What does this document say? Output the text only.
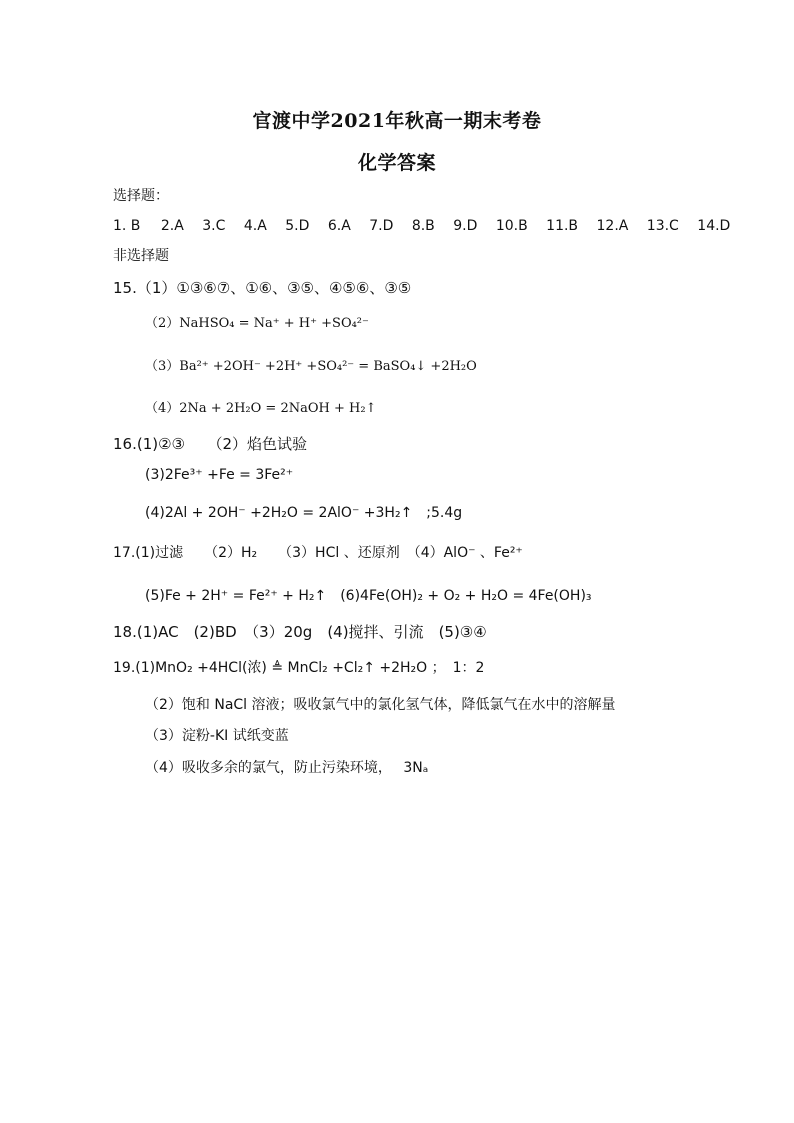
官渡中学2021年秋高一期末考卷
化学答案
选择题：
1. B 2.A 3.C 4.A 5.D 6.A 7.D 8.B 9.D 10.B 11.B 12.A 13.C 14.D
非选择题
15.（1）①③⑥⑦、①⑥、③⑤、④⑤⑥、③⑤
（2）NaHSO₄ = Na⁺ + H⁺ +SO₄²⁻
（3）Ba²⁺ +2OH⁻ +2H⁺ +SO₄²⁻ = BaSO₄↓ +2H₂O
（4）2Na + 2H₂O = 2NaOH + H₂↑
16.(1)②③　　（2）焰色试验
(3)2Fe³⁺ +Fe = 3Fe²⁺
(4)2Al + 2OH⁻ +2H₂O = 2AlO⁻ +3H₂↑　;5.4g
17.(1)过滤　　（2）H₂　　（3）HCl 、还原剂　（4）AlO⁻ 、Fe²⁺
(5)Fe + 2H⁺ = Fe²⁺ + H₂↑　(6)4Fe(OH)₂ + O₂ + H₂O = 4Fe(OH)₃
18.(1)AC　(2)BD　（3）20g　(4)搅拌、引流　(5)③④
19.(1)MnO₂ +4HCl(浓) ≜ MnCl₂ +Cl₂↑ +2H₂O ；　1：2
（2）饱和 NaCl 溶液；吸收氯气中的氯化氢气体，降低氯气在水中的溶解量
（3）淀粉-KI 试纸变蓝
（4）吸收多余的氯气，防止污染环境，　 3Nₐ
